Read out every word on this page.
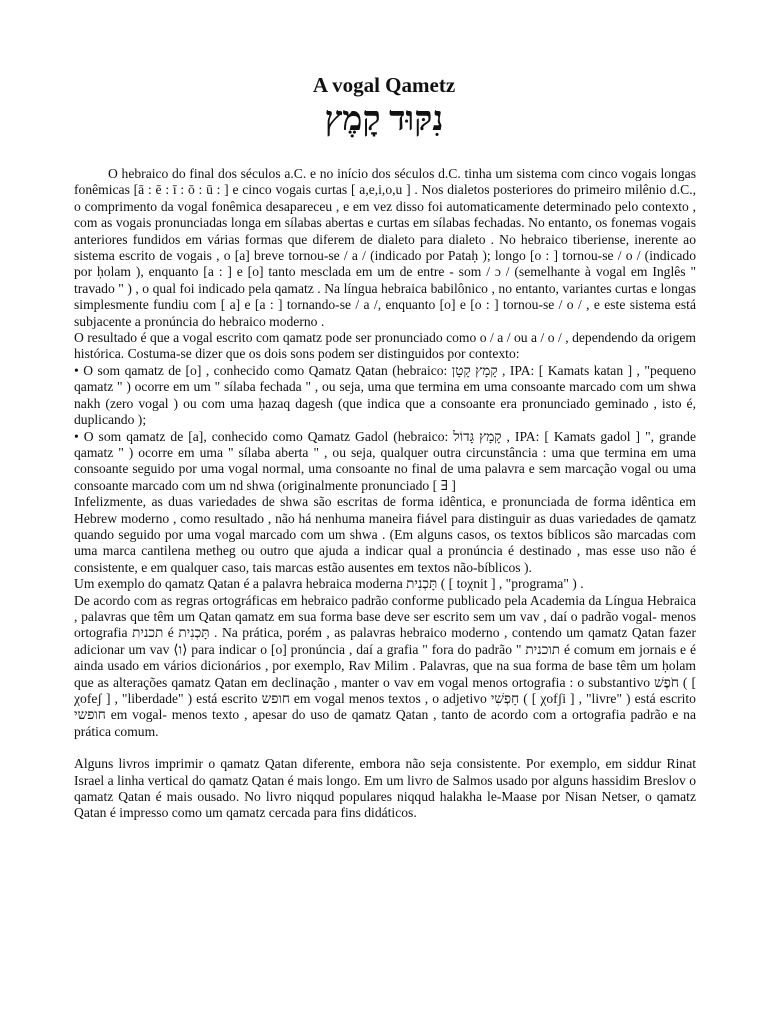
A vogal Qametz
נִקּוּד קָמֶץ

O hebraico do final dos séculos a.C. e no início dos séculos d.C. tinha um sistema com cinco vogais longas fonêmicas [ā : ē : ī : ō : ū : ] e cinco vogais curtas [ a,e,i,o,u ] . Nos dialetos posteriores do primeiro milênio d.C., o comprimento da vogal fonêmica desapareceu , e em vez disso foi automaticamente determinado pelo contexto , com as vogais pronunciadas longa em sílabas abertas e curtas em sílabas fechadas. No entanto, os fonemas vogais anteriores fundidos em várias formas que diferem de dialeto para dialeto . No hebraico tiberiense, inerente ao sistema escrito de vogais , o [a] breve tornou-se / a / (indicado por Pataḥ ); longo [o : ] tornou-se / o / (indicado por ḥolam ), enquanto [a : ] e [o] tanto mesclada em um de entre - som / ɔ / (semelhante à vogal em Inglês " travado " ) , o qual foi indicado pela qamatz . Na língua hebraica babilônico , no entanto, variantes curtas e longas simplesmente fundiu com [ a] e [a : ] tornando-se / a /, enquanto [o] e [o : ] tornou-se / o / , e este sistema está subjacente a pronúncia do hebraico moderno .

O resultado é que a vogal escrito com qamatz pode ser pronunciado como o / a / ou a / o / , dependendo da origem histórica. Costuma-se dizer que os dois sons podem ser distinguidos por contexto:

• O som qamatz de [o] , conhecido como Qamatz Qatan (hebraico: קָמָץ קָטָן , IPA: [ Kamats katan ] , "pequeno qamatz " ) ocorre em um " sílaba fechada " , ou seja, uma que termina em uma consoante marcado com um shwa nakh (zero vogal ) ou com uma ḥazaq dagesh (que indica que a consoante era pronunciado geminado , isto é, duplicando );

• O som qamatz de [a], conhecido como Qamatz Gadol (hebraico: קָמָץ גָּדוֹל , IPA: [ Kamats gadol ] ", grande qamatz " ) ocorre em uma " sílaba aberta " , ou seja, qualquer outra circunstância : uma que termina em uma consoante seguido por uma vogal normal, uma consoante no final de uma palavra e sem marcação vogal ou uma consoante marcado com um nd shwa (originalmente pronunciado [ ∃ ]

Infelizmente, as duas variedades de shwa são escritas de forma idêntica, e pronunciada de forma idêntica em Hebrew moderno , como resultado , não há nenhuma maneira fiável para distinguir as duas variedades de qamatz quando seguido por uma vogal marcado com um shwa . (Em alguns casos, os textos bíblicos são marcadas com uma marca cantilena metheg ou outro que ajuda a indicar qual a pronúncia é destinado , mas esse uso não é consistente, e em qualquer caso, tais marcas estão ausentes em textos não-bíblicos ).

Um exemplo do qamatz Qatan é a palavra hebraica moderna תָּכְנִית ( [ toχnit ] , "programa" ) .

De acordo com as regras ortográficas em hebraico padrão conforme publicado pela Academia da Língua Hebraica , palavras que têm um Qatan qamatz em sua forma base deve ser escrito sem um vav , daí o padrão vogal- menos ortografia תכנית é תָּכְנִית . Na prática, porém , as palavras hebraico moderno , contendo um qamatz Qatan fazer adicionar um vav ⟨ו⟩ para indicar o [o] pronúncia , daí a grafia " fora do padrão " תוכנית é comum em jornais e é ainda usado em vários dicionários , por exemplo, Rav Milim . Palavras, que na sua forma de base têm um ḥolam que as alterações qamatz Qatan em declinação , manter o vav em vogal menos ortografia : o substantivo חֹפֶשׁ ( [ χofeʃ ] , "liberdade" ) está escrito חופש em vogal menos textos , o adjetivo חָפְשִׁי ( [ χofʃi ] , "livre" ) está escrito חופשי em vogal- menos texto , apesar do uso de qamatz Qatan , tanto de acordo com a ortografia padrão e na prática comum.

Alguns livros imprimir o qamatz Qatan diferente, embora não seja consistente. Por exemplo, em siddur Rinat Israel a linha vertical do qamatz Qatan é mais longo. Em um livro de Salmos usado por alguns hassidim Breslov o qamatz Qatan é mais ousado. No livro niqqud populares niqqud halakha le-Maase por Nisan Netser, o qamatz Qatan é impresso como um qamatz cercada para fins didáticos.
